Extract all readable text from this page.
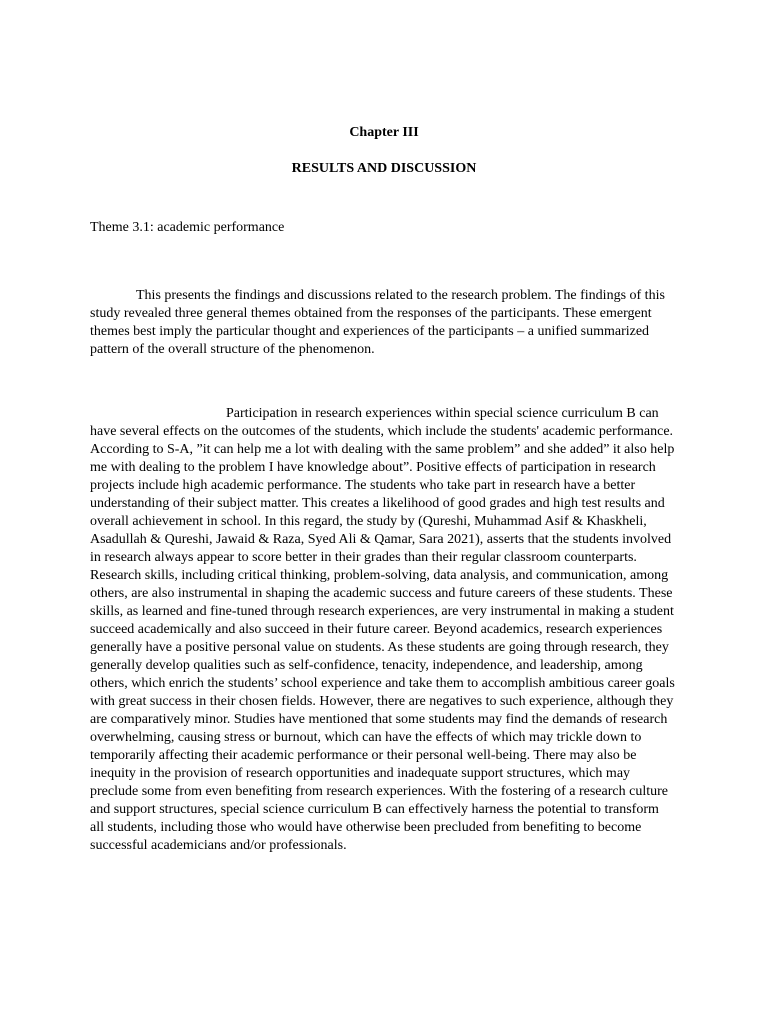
Chapter III
RESULTS AND DISCUSSION
Theme 3.1: academic performance

This presents the findings and discussions related to the research problem. The findings of this study revealed three general themes obtained from the responses of the participants. These emergent themes best imply the particular thought and experiences of the participants – a unified summarized pattern of the overall structure of the phenomenon.

Participation in research experiences within special science curriculum B can have several effects on the outcomes of the students, which include the students' academic performance. According to S-A, ”it can help me a lot with dealing with the same problem” and she added” it also help me with dealing to the problem I have knowledge about”. Positive effects of participation in research projects include high academic performance. The students who take part in research have a better understanding of their subject matter. This creates a likelihood of good grades and high test results and overall achievement in school. In this regard, the study by (Qureshi, Muhammad Asif & Khaskheli, Asadullah & Qureshi, Jawaid & Raza, Syed Ali & Qamar, Sara 2021), asserts that the students involved in research always appear to score better in their grades than their regular classroom counterparts. Research skills, including critical thinking, problem-solving, data analysis, and communication, among others, are also instrumental in shaping the academic success and future careers of these students. These skills, as learned and fine-tuned through research experiences, are very instrumental in making a student succeed academically and also succeed in their future career. Beyond academics, research experiences generally have a positive personal value on students. As these students are going through research, they generally develop qualities such as self-confidence, tenacity, independence, and leadership, among others, which enrich the students’ school experience and take them to accomplish ambitious career goals with great success in their chosen fields. However, there are negatives to such experience, although they are comparatively minor. Studies have mentioned that some students may find the demands of research overwhelming, causing stress or burnout, which can have the effects of which may trickle down to temporarily affecting their academic performance or their personal well-being. There may also be inequity in the provision of research opportunities and inadequate support structures, which may preclude some from even benefiting from research experiences. With the fostering of a research culture and support structures, special science curriculum B can effectively harness the potential to transform all students, including those who would have otherwise been precluded from benefiting to become successful academicians and/or professionals.
